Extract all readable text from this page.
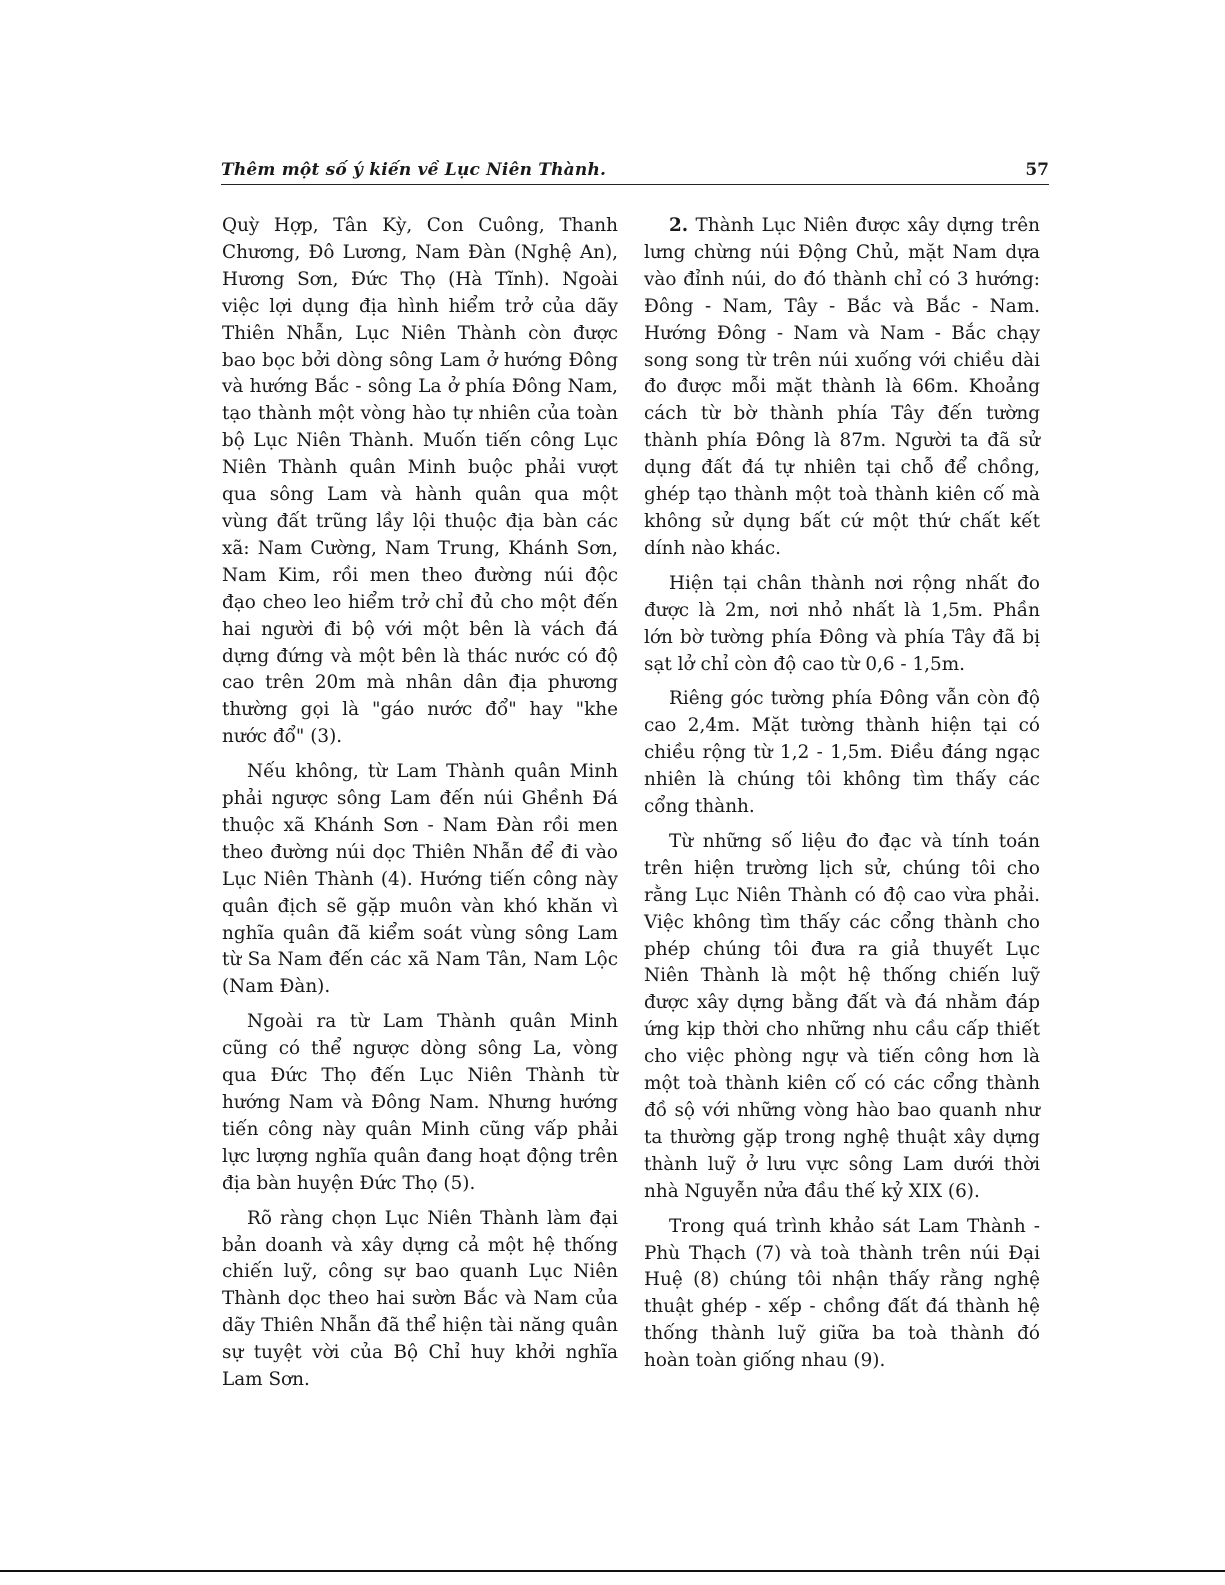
Thêm một số ý kiến về Lục Niên Thành.	57

Quỳ Hợp, Tân Kỳ, Con Cuông, Thanh Chương, Đô Lương, Nam Đàn (Nghệ An), Hương Sơn, Đức Thọ (Hà Tĩnh). Ngoài việc lợi dụng địa hình hiểm trở của dãy Thiên Nhẫn, Lục Niên Thành còn được bao bọc bởi dòng sông Lam ở hướng Đông và hướng Bắc - sông La ở phía Đông Nam, tạo thành một vòng hào tự nhiên của toàn bộ Lục Niên Thành. Muốn tiến công Lục Niên Thành quân Minh buộc phải vượt qua sông Lam và hành quân qua một vùng đất trũng lầy lội thuộc địa bàn các xã: Nam Cường, Nam Trung, Khánh Sơn, Nam Kim, rồi men theo đường núi độc đạo cheo leo hiểm trở chỉ đủ cho một đến hai người đi bộ với một bên là vách đá dựng đứng và một bên là thác nước có độ cao trên 20m mà nhân dân địa phương thường gọi là "gáo nước đổ" hay "khe nước đổ" (3).

Nếu không, từ Lam Thành quân Minh phải ngược sông Lam đến núi Ghềnh Đá thuộc xã Khánh Sơn - Nam Đàn rồi men theo đường núi dọc Thiên Nhẫn để đi vào Lục Niên Thành (4). Hướng tiến công này quân địch sẽ gặp muôn vàn khó khăn vì nghĩa quân đã kiểm soát vùng sông Lam từ Sa Nam đến các xã Nam Tân, Nam Lộc (Nam Đàn).

Ngoài ra từ Lam Thành quân Minh cũng có thể ngược dòng sông La, vòng qua Đức Thọ đến Lục Niên Thành từ hướng Nam và Đông Nam. Nhưng hướng tiến công này quân Minh cũng vấp phải lực lượng nghĩa quân đang hoạt động trên địa bàn huyện Đức Thọ (5).

Rõ ràng chọn Lục Niên Thành làm đại bản doanh và xây dựng cả một hệ thống chiến luỹ, công sự bao quanh Lục Niên Thành dọc theo hai sườn Bắc và Nam của dãy Thiên Nhẫn đã thể hiện tài năng quân sự tuyệt vời của Bộ Chỉ huy khởi nghĩa Lam Sơn.

2. Thành Lục Niên được xây dựng trên lưng chừng núi Động Chủ, mặt Nam dựa vào đỉnh núi, do đó thành chỉ có 3 hướng: Đông - Nam, Tây - Bắc và Bắc - Nam. Hướng Đông - Nam và Nam - Bắc chạy song song từ trên núi xuống với chiều dài đo được mỗi mặt thành là 66m. Khoảng cách từ bờ thành phía Tây đến tường thành phía Đông là 87m. Người ta đã sử dụng đất đá tự nhiên tại chỗ để chồng, ghép tạo thành một toà thành kiên cố mà không sử dụng bất cứ một thứ chất kết dính nào khác.

Hiện tại chân thành nơi rộng nhất đo được là 2m, nơi nhỏ nhất là 1,5m. Phần lớn bờ tường phía Đông và phía Tây đã bị sạt lở chỉ còn độ cao từ 0,6 - 1,5m.

Riêng góc tường phía Đông vẫn còn độ cao 2,4m. Mặt tường thành hiện tại có chiều rộng từ 1,2 - 1,5m. Điều đáng ngạc nhiên là chúng tôi không tìm thấy các cổng thành.

Từ những số liệu đo đạc và tính toán trên hiện trường lịch sử, chúng tôi cho rằng Lục Niên Thành có độ cao vừa phải. Việc không tìm thấy các cổng thành cho phép chúng tôi đưa ra giả thuyết Lục Niên Thành là một hệ thống chiến luỹ được xây dựng bằng đất và đá nhằm đáp ứng kịp thời cho những nhu cầu cấp thiết cho việc phòng ngự và tiến công hơn là một toà thành kiên cố có các cổng thành đồ sộ với những vòng hào bao quanh như ta thường gặp trong nghệ thuật xây dựng thành luỹ ở lưu vực sông Lam dưới thời nhà Nguyễn nửa đầu thế kỷ XIX (6).

Trong quá trình khảo sát Lam Thành - Phù Thạch (7) và toà thành trên núi Đại Huệ (8) chúng tôi nhận thấy rằng nghệ thuật ghép - xếp - chồng đất đá thành hệ thống thành luỹ giữa ba toà thành đó hoàn toàn giống nhau (9).
